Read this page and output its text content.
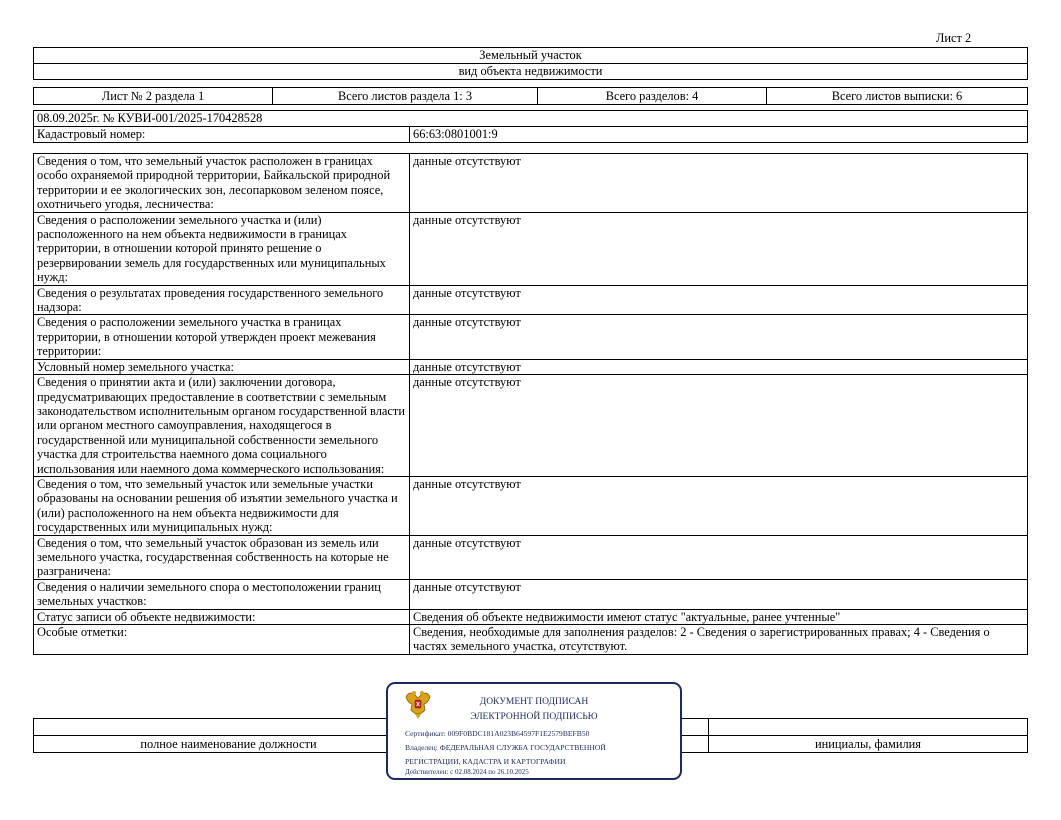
Лист 2
Земельный участок
вид объекта недвижимости
Лист № 2 раздела 1	Всего листов раздела 1: 3	Всего разделов: 4	Всего листов выписки: 6
08.09.2025г. № КУВИ-001/2025-170428528
Кадастровый номер:	66:63:0801001:9
Сведения о том, что земельный участок расположен в границах особо охраняемой природной территории, Байкальской природной территории и ее экологических зон, лесопарковом зеленом поясе, охотничьего угодья, лесничества:	данные отсутствуют
Сведения о расположении земельного участка и (или) расположенного на нем объекта недвижимости в границах территории, в отношении которой принято решение о резервировании земель для государственных или муниципальных нужд:	данные отсутствуют
Сведения о результатах проведения государственного земельного надзора:	данные отсутствуют
Сведения о расположении земельного участка в границах территории, в отношении которой утвержден проект межевания территории:	данные отсутствуют
Условный номер земельного участка:	данные отсутствуют
Сведения о принятии акта и (или) заключении договора, предусматривающих предоставление в соответствии с земельным законодательством исполнительным органом государственной власти или органом местного самоуправления, находящегося в государственной или муниципальной собственности земельного участка для строительства наемного дома социального использования или наемного дома коммерческого использования:	данные отсутствуют
Сведения о том, что земельный участок или земельные участки образованы на основании решения об изъятии земельного участка и (или) расположенного на нем объекта недвижимости для государственных или муниципальных нужд:	данные отсутствуют
Сведения о том, что земельный участок образован из земель или земельного участка, государственная собственность на которые не разграничена:	данные отсутствуют
Сведения о наличии земельного спора о местоположении границ земельных участков:	данные отсутствуют
Статус записи об объекте недвижимости:	Сведения об объекте недвижимости имеют статус "актуальные, ранее учтенные"
Особые отметки:	Сведения, необходимые для заполнения разделов: 2 - Сведения о зарегистрированных правах; 4 - Сведения о частях земельного участка, отсутствуют.

полное наименование должности		инициалы, фамилия
ДОКУМЕНТ ПОДПИСАН
ЭЛЕКТРОННОЙ ПОДПИСЬЮ
Сертификат: 009F0BDC181A023B64597F1E2579BEFB50
Владелец: ФЕДЕРАЛЬНАЯ СЛУЖБА ГОСУДАРСТВЕННОЙ
РЕГИСТРАЦИИ, КАДАСТРА И КАРТОГРАФИИ
Действителен: с 02.08.2024 по 26.10.2025
